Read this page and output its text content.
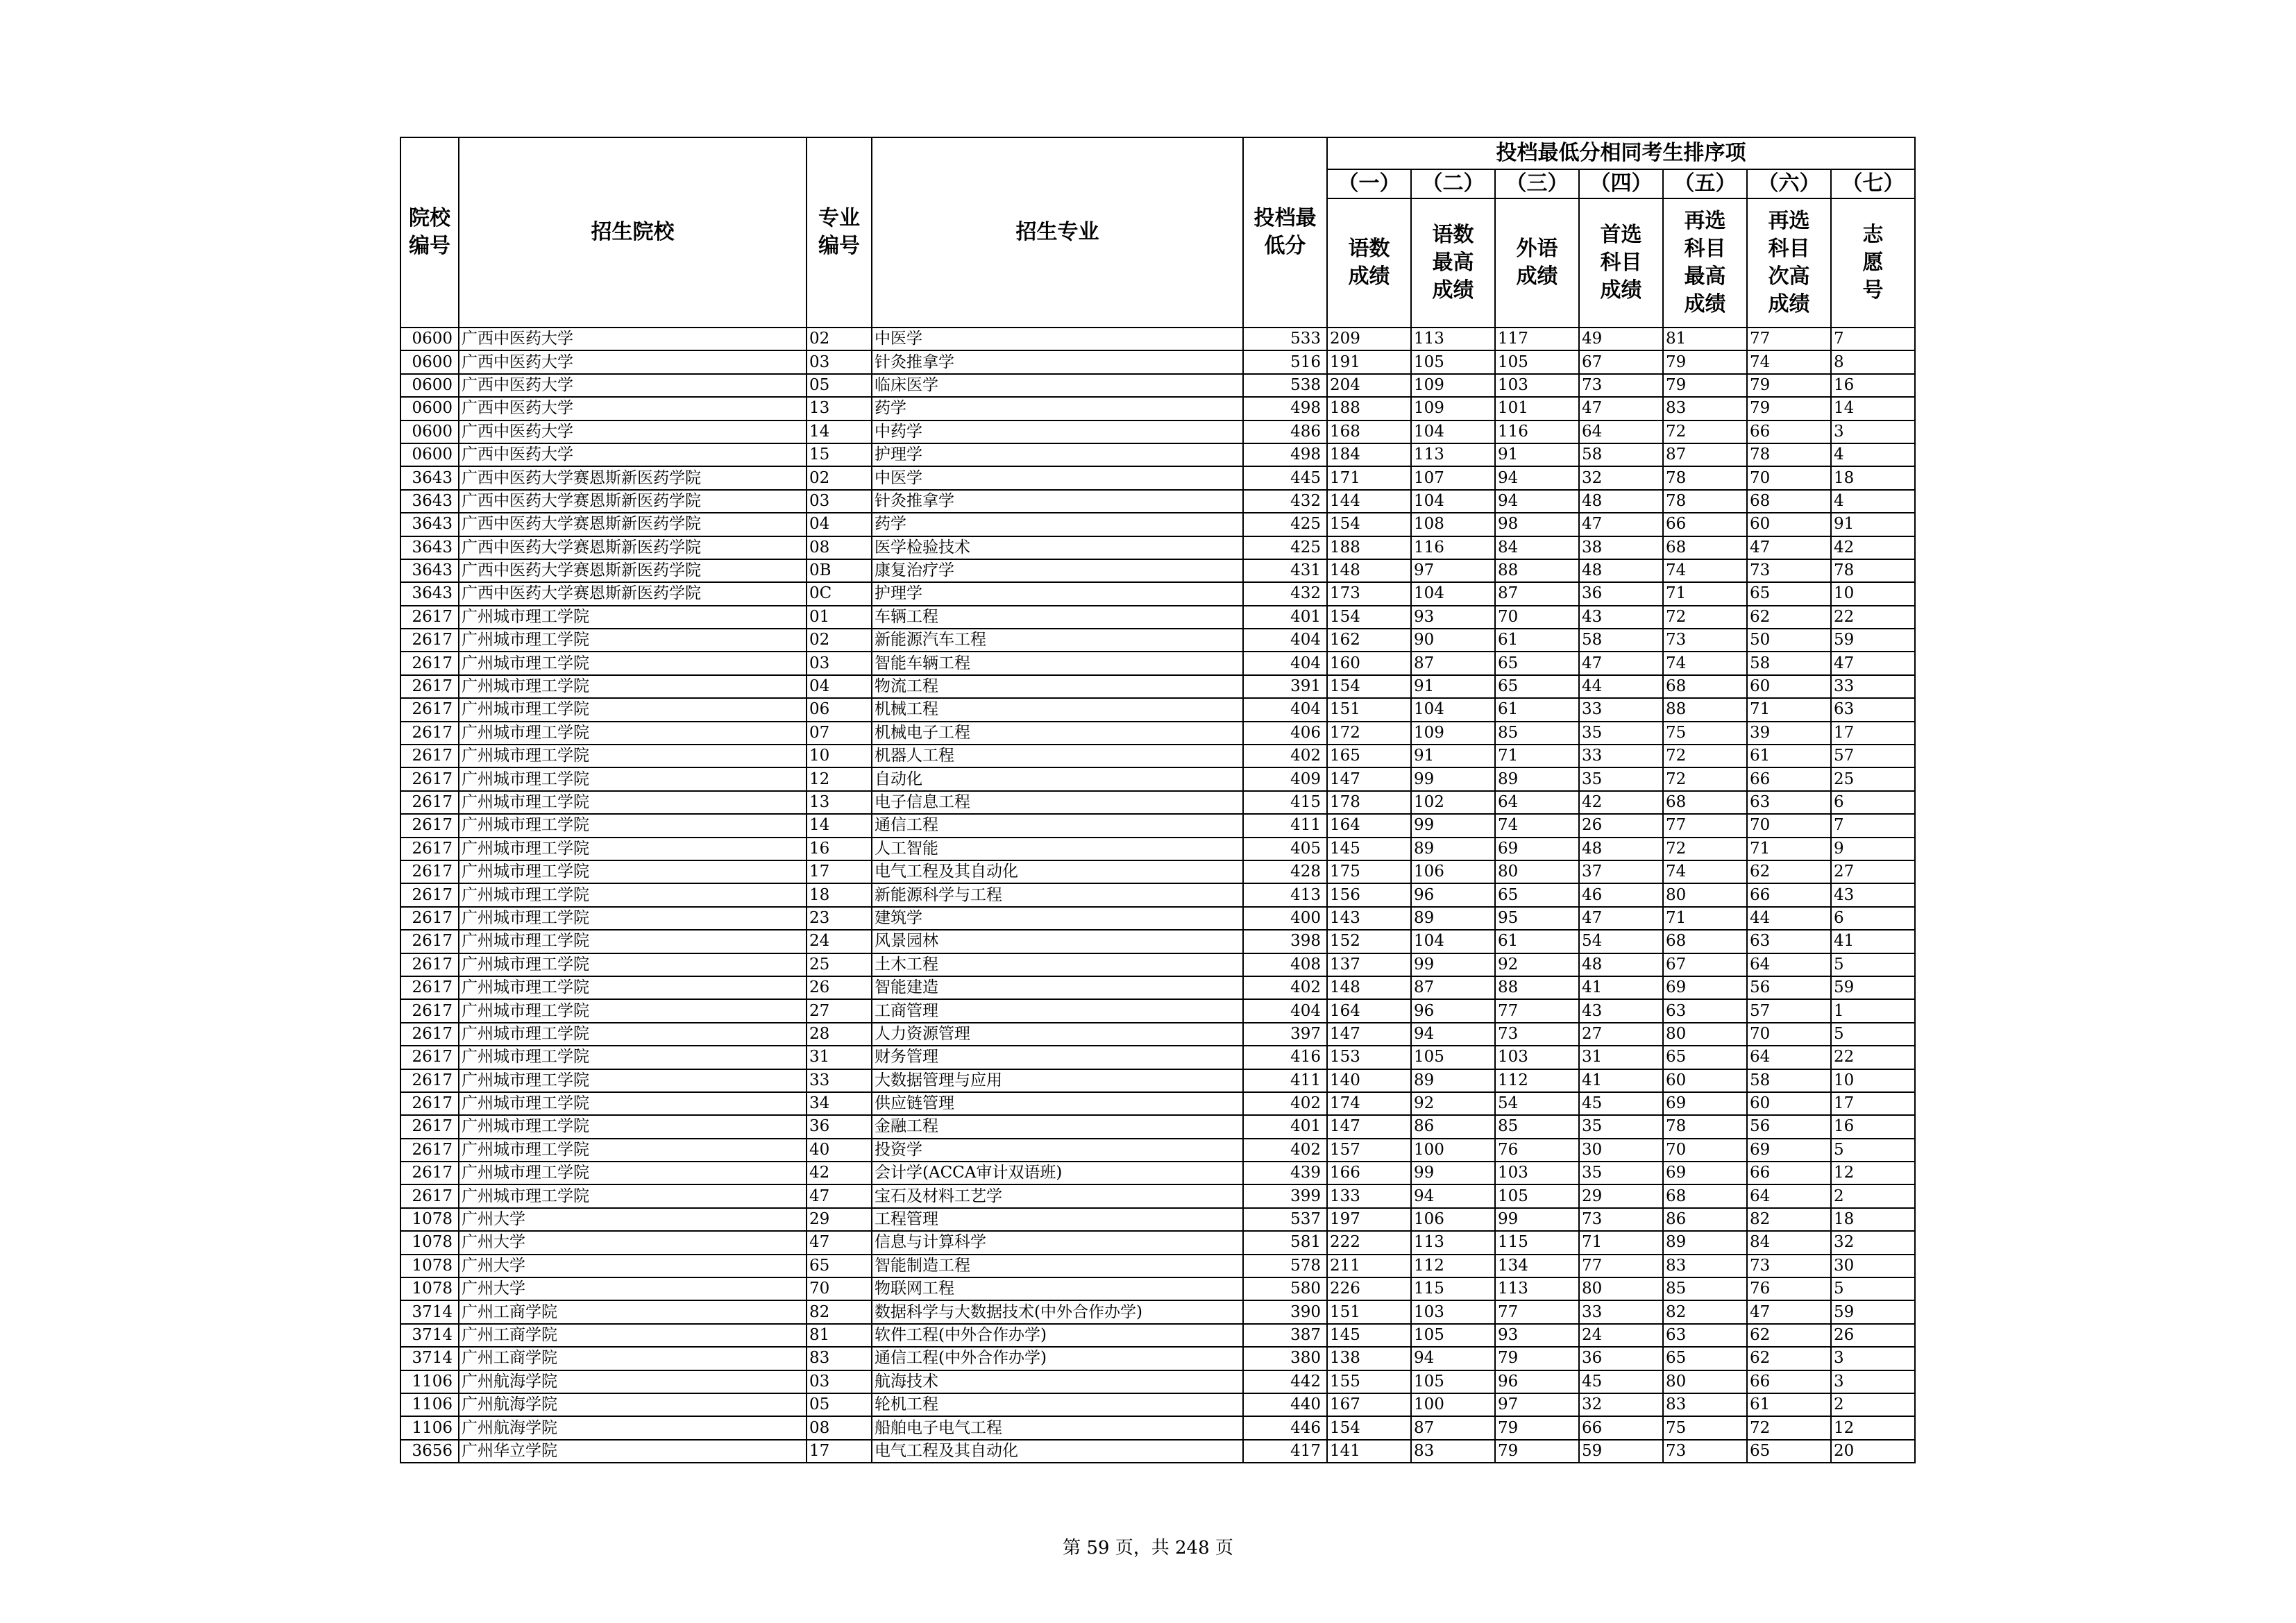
院校编号	招生院校	专业编号	招生专业	投档最低分	投档最低分相同考生排序项						
					（一）	（二）	（三）	（四）	（五）	（六）	（七）
					语数成绩	语数最高成绩	外语成绩	首选科目成绩	再选科目最高成绩	再选科目次高成绩	志愿号
0600	广西中医药大学	02	中医学	533	209	113	117	49	81	77	7
0600	广西中医药大学	03	针灸推拿学	516	191	105	105	67	79	74	8
0600	广西中医药大学	05	临床医学	538	204	109	103	73	79	79	16
0600	广西中医药大学	13	药学	498	188	109	101	47	83	79	14
0600	广西中医药大学	14	中药学	486	168	104	116	64	72	66	3
0600	广西中医药大学	15	护理学	498	184	113	91	58	87	78	4
3643	广西中医药大学赛恩斯新医药学院	02	中医学	445	171	107	94	32	78	70	18
3643	广西中医药大学赛恩斯新医药学院	03	针灸推拿学	432	144	104	94	48	78	68	4
3643	广西中医药大学赛恩斯新医药学院	04	药学	425	154	108	98	47	66	60	91
3643	广西中医药大学赛恩斯新医药学院	08	医学检验技术	425	188	116	84	38	68	47	42
3643	广西中医药大学赛恩斯新医药学院	0B	康复治疗学	431	148	97	88	48	74	73	78
3643	广西中医药大学赛恩斯新医药学院	0C	护理学	432	173	104	87	36	71	65	10
2617	广州城市理工学院	01	车辆工程	401	154	93	70	43	72	62	22
2617	广州城市理工学院	02	新能源汽车工程	404	162	90	61	58	73	50	59
2617	广州城市理工学院	03	智能车辆工程	404	160	87	65	47	74	58	47
2617	广州城市理工学院	04	物流工程	391	154	91	65	44	68	60	33
2617	广州城市理工学院	06	机械工程	404	151	104	61	33	88	71	63
2617	广州城市理工学院	07	机械电子工程	406	172	109	85	35	75	39	17
2617	广州城市理工学院	10	机器人工程	402	165	91	71	33	72	61	57
2617	广州城市理工学院	12	自动化	409	147	99	89	35	72	66	25
2617	广州城市理工学院	13	电子信息工程	415	178	102	64	42	68	63	6
2617	广州城市理工学院	14	通信工程	411	164	99	74	26	77	70	7
2617	广州城市理工学院	16	人工智能	405	145	89	69	48	72	71	9
2617	广州城市理工学院	17	电气工程及其自动化	428	175	106	80	37	74	62	27
2617	广州城市理工学院	18	新能源科学与工程	413	156	96	65	46	80	66	43
2617	广州城市理工学院	23	建筑学	400	143	89	95	47	71	44	6
2617	广州城市理工学院	24	风景园林	398	152	104	61	54	68	63	41
2617	广州城市理工学院	25	土木工程	408	137	99	92	48	67	64	5
2617	广州城市理工学院	26	智能建造	402	148	87	88	41	69	56	59
2617	广州城市理工学院	27	工商管理	404	164	96	77	43	63	57	1
2617	广州城市理工学院	28	人力资源管理	397	147	94	73	27	80	70	5
2617	广州城市理工学院	31	财务管理	416	153	105	103	31	65	64	22
2617	广州城市理工学院	33	大数据管理与应用	411	140	89	112	41	60	58	10
2617	广州城市理工学院	34	供应链管理	402	174	92	54	45	69	60	17
2617	广州城市理工学院	36	金融工程	401	147	86	85	35	78	56	16
2617	广州城市理工学院	40	投资学	402	157	100	76	30	70	69	5
2617	广州城市理工学院	42	会计学(ACCA审计双语班)	439	166	99	103	35	69	66	12
2617	广州城市理工学院	47	宝石及材料工艺学	399	133	94	105	29	68	64	2
1078	广州大学	29	工程管理	537	197	106	99	73	86	82	18
1078	广州大学	47	信息与计算科学	581	222	113	115	71	89	84	32
1078	广州大学	65	智能制造工程	578	211	112	134	77	83	73	30
1078	广州大学	70	物联网工程	580	226	115	113	80	85	76	5
3714	广州工商学院	82	数据科学与大数据技术(中外合作办学)	390	151	103	77	33	82	47	59
3714	广州工商学院	81	软件工程(中外合作办学)	387	145	105	93	24	63	62	26
3714	广州工商学院	83	通信工程(中外合作办学)	380	138	94	79	36	65	62	3
1106	广州航海学院	03	航海技术	442	155	105	96	45	80	66	3
1106	广州航海学院	05	轮机工程	440	167	100	97	32	83	61	2
1106	广州航海学院	08	船舶电子电气工程	446	154	87	79	66	75	72	12
3656	广州华立学院	17	电气工程及其自动化	417	141	83	79	59	73	65	20
第 59 页，共 248 页
